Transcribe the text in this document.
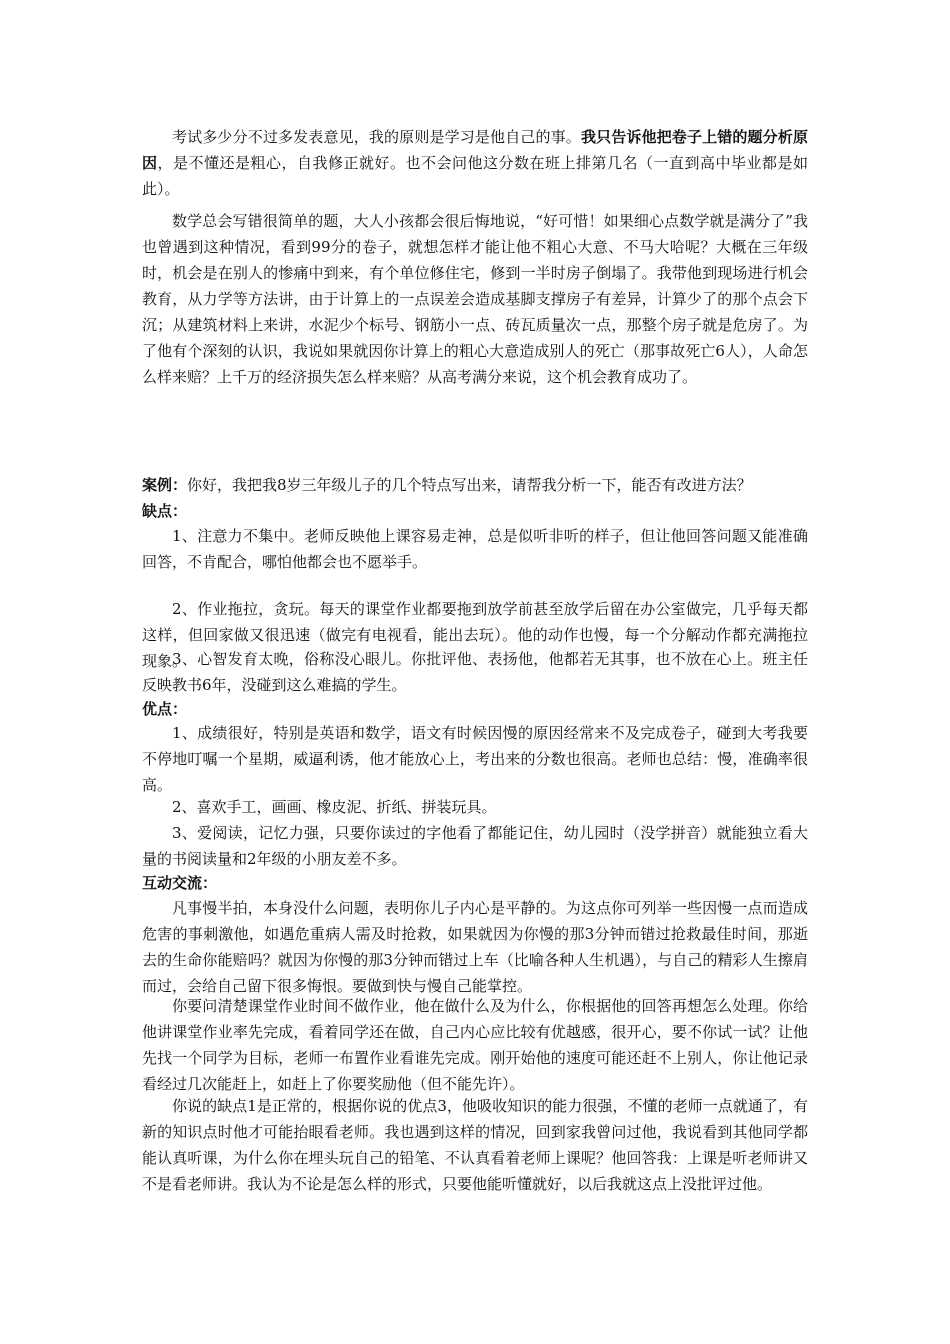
考试多少分不过多发表意见，我的原则是学习是他自己的事。我只告诉他把卷子上错的题分析原因，是不懂还是粗心，自我修正就好。也不会问他这分数在班上排第几名（一直到高中毕业都是如此）。

数学总会写错很简单的题，大人小孩都会很后悔地说，“好可惜！如果细心点数学就是满分了”我也曾遇到这种情况，看到99分的卷子，就想怎样才能让他不粗心大意、不马大哈呢？大概在三年级时，机会是在别人的惨痛中到来，有个单位修住宅，修到一半时房子倒塌了。我带他到现场进行机会教育，从力学等方法讲，由于计算上的一点误差会造成基脚支撑房子有差异，计算少了的那个点会下沉；从建筑材料上来讲，水泥少个标号、钢筋小一点、砖瓦质量次一点，那整个房子就是危房了。为了他有个深刻的认识，我说如果就因你计算上的粗心大意造成别人的死亡（那事故死亡6人），人命怎么样来赔？上千万的经济损失怎么样来赔？从高考满分来说，这个机会教育成功了。

案例：你好，我把我8岁三年级儿子的几个特点写出来，请帮我分析一下，能否有改进方法？

缺点：

1、注意力不集中。老师反映他上课容易走神，总是似听非听的样子，但让他回答问题又能准确回答，不肯配合，哪怕他都会也不愿举手。

2、作业拖拉，贪玩。每天的课堂作业都要拖到放学前甚至放学后留在办公室做完，几乎每天都这样，但回家做又很迅速（做完有电视看，能出去玩）。他的动作也慢，每一个分解动作都充满拖拉现象。

3、心智发育太晚，俗称没心眼儿。你批评他、表扬他，他都若无其事，也不放在心上。班主任反映教书6年，没碰到这么难搞的学生。

优点：

1、成绩很好，特别是英语和数学，语文有时候因慢的原因经常来不及完成卷子，碰到大考我要不停地叮嘱一个星期，威逼利诱，他才能放心上，考出来的分数也很高。老师也总结：慢，准确率很高。

2、喜欢手工，画画、橡皮泥、折纸、拼装玩具。

3、爱阅读，记忆力强，只要你读过的字他看了都能记住，幼儿园时（没学拼音）就能独立看大量的书阅读量和2年级的小朋友差不多。

互动交流：

凡事慢半拍，本身没什么问题，表明你儿子内心是平静的。为这点你可列举一些因慢一点而造成危害的事刺激他，如遇危重病人需及时抢救，如果就因为你慢的那3分钟而错过抢救最佳时间，那逝去的生命你能赔吗？就因为你慢的那3分钟而错过上车（比喻各种人生机遇），与自己的精彩人生擦肩而过，会给自己留下很多悔恨。要做到快与慢自己能掌控。

你要问清楚课堂作业时间不做作业，他在做什么及为什么，你根据他的回答再想怎么处理。你给他讲课堂作业率先完成，看着同学还在做，自己内心应比较有优越感，很开心，要不你试一试？让他先找一个同学为目标，老师一布置作业看谁先完成。刚开始他的速度可能还赶不上别人，你让他记录看经过几次能赶上，如赶上了你要奖励他（但不能先许）。

你说的缺点1是正常的，根据你说的优点3，他吸收知识的能力很强，不懂的老师一点就通了，有新的知识点时他才可能抬眼看老师。我也遇到这样的情况，回到家我曾问过他，我说看到其他同学都能认真听课，为什么你在埋头玩自己的铅笔、不认真看着老师上课呢？他回答我：上课是听老师讲又不是看老师讲。我认为不论是怎么样的形式，只要他能听懂就好，以后我就这点上没批评过他。
